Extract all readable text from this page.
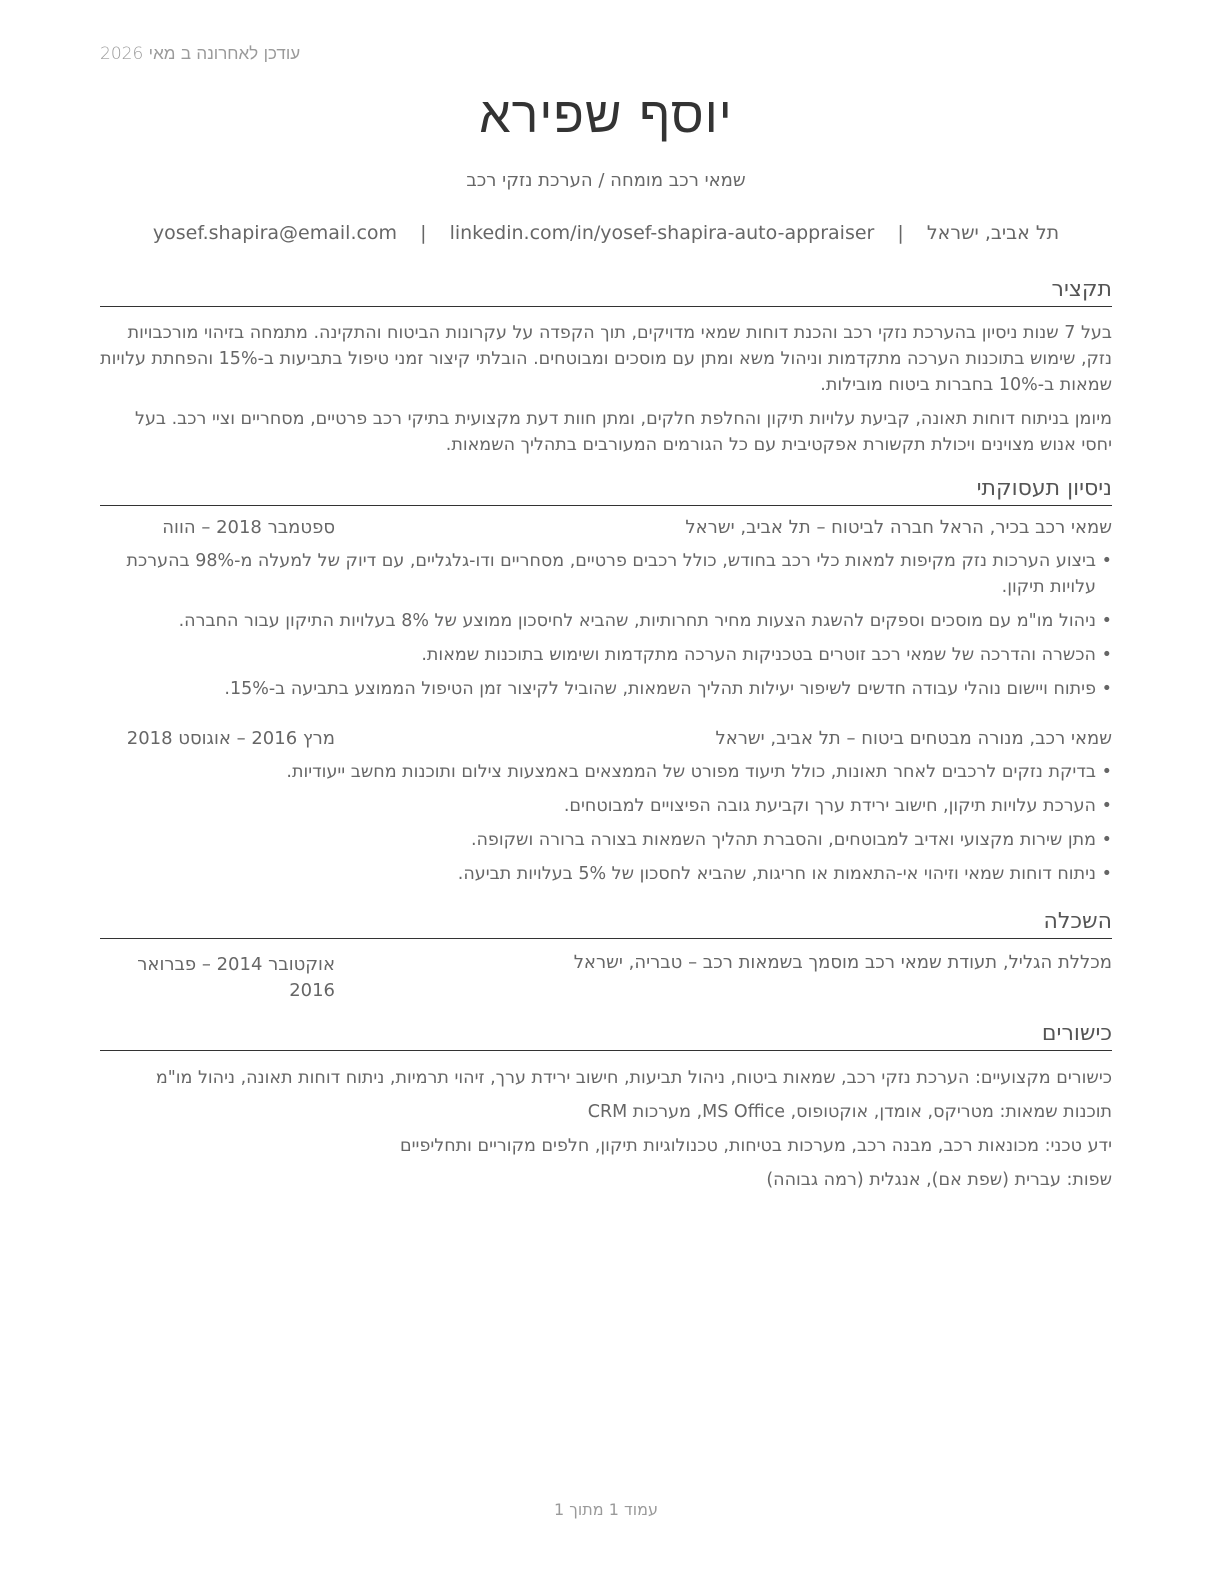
עודכן לאחרונה ב מאי 2026
יוסף שפירא
שמאי רכב מומחה / הערכת נזקי רכב
תל אביב, ישראל | yosef.shapira@email.com | linkedin.com/in/yosef-shapira-auto-appraiser
תקציר
בעל 7 שנות ניסיון בהערכת נזקי רכב והכנת דוחות שמאי מדויקים, תוך הקפדה על עקרונות הביטוח והתקינה. מתמחה בזיהוי מורכבויות נזק, שימוש בתוכנות הערכה מתקדמות וניהול משא ומתן עם מוסכים ומבוטחים. הובלתי קיצור זמני טיפול בתביעות ב-15% והפחתת עלויות שמאות ב-10% בחברות ביטוח מובילות.
מיומן בניתוח דוחות תאונה, קביעת עלויות תיקון והחלפת חלקים, ומתן חוות דעת מקצועית בתיקי רכב פרטיים, מסחריים וציי רכב. בעל יחסי אנוש מצוינים ויכולת תקשורת אפקטיבית עם כל הגורמים המעורבים בתהליך השמאות.
ניסיון תעסוקתי
שמאי רכב בכיר, הראל חברה לביטוח – תל אביב, ישראל
ספטמבר 2018 – הווה
• ביצוע הערכות נזק מקיפות למאות כלי רכב בחודש, כולל רכבים פרטיים, מסחריים ודו-גלגליים, עם דיוק של למעלה מ-98% בהערכת עלויות תיקון.
• ניהול מו"מ עם מוסכים וספקים להשגת הצעות מחיר תחרותיות, שהביא לחיסכון ממוצע של 8% בעלויות התיקון עבור החברה.
• הכשרה והדרכה של שמאי רכב זוטרים בטכניקות הערכה מתקדמות ושימוש בתוכנות שמאות.
• פיתוח ויישום נוהלי עבודה חדשים לשיפור יעילות תהליך השמאות, שהוביל לקיצור זמן הטיפול הממוצע בתביעה ב-15%.
שמאי רכב, מנורה מבטחים ביטוח – תל אביב, ישראל
מרץ 2016 – אוגוסט 2018
• בדיקת נזקים לרכבים לאחר תאונות, כולל תיעוד מפורט של הממצאים באמצעות צילום ותוכנות מחשב ייעודיות.
• הערכת עלויות תיקון, חישוב ירידת ערך וקביעת גובה הפיצויים למבוטחים.
• מתן שירות מקצועי ואדיב למבוטחים, והסברת תהליך השמאות בצורה ברורה ושקופה.
• ניתוח דוחות שמאי וזיהוי אי-התאמות או חריגות, שהביא לחסכון של 5% בעלויות תביעה.
השכלה
מכללת הגליל, תעודת שמאי רכב מוסמך בשמאות רכב – טבריה, ישראל
אוקטובר 2014 – פברואר 2016
כישורים
כישורים מקצועיים: הערכת נזקי רכב, שמאות ביטוח, ניהול תביעות, חישוב ירידת ערך, זיהוי תרמיות, ניתוח דוחות תאונה, ניהול מו"מ
תוכנות שמאות: מטריקס, אומדן, אוקטופוס, MS Office, מערכות CRM
ידע טכני: מכונאות רכב, מבנה רכב, מערכות בטיחות, טכנולוגיות תיקון, חלפים מקוריים ותחליפיים
שפות: עברית (שפת אם), אנגלית (רמה גבוהה)
עמוד 1 מתוך 1
